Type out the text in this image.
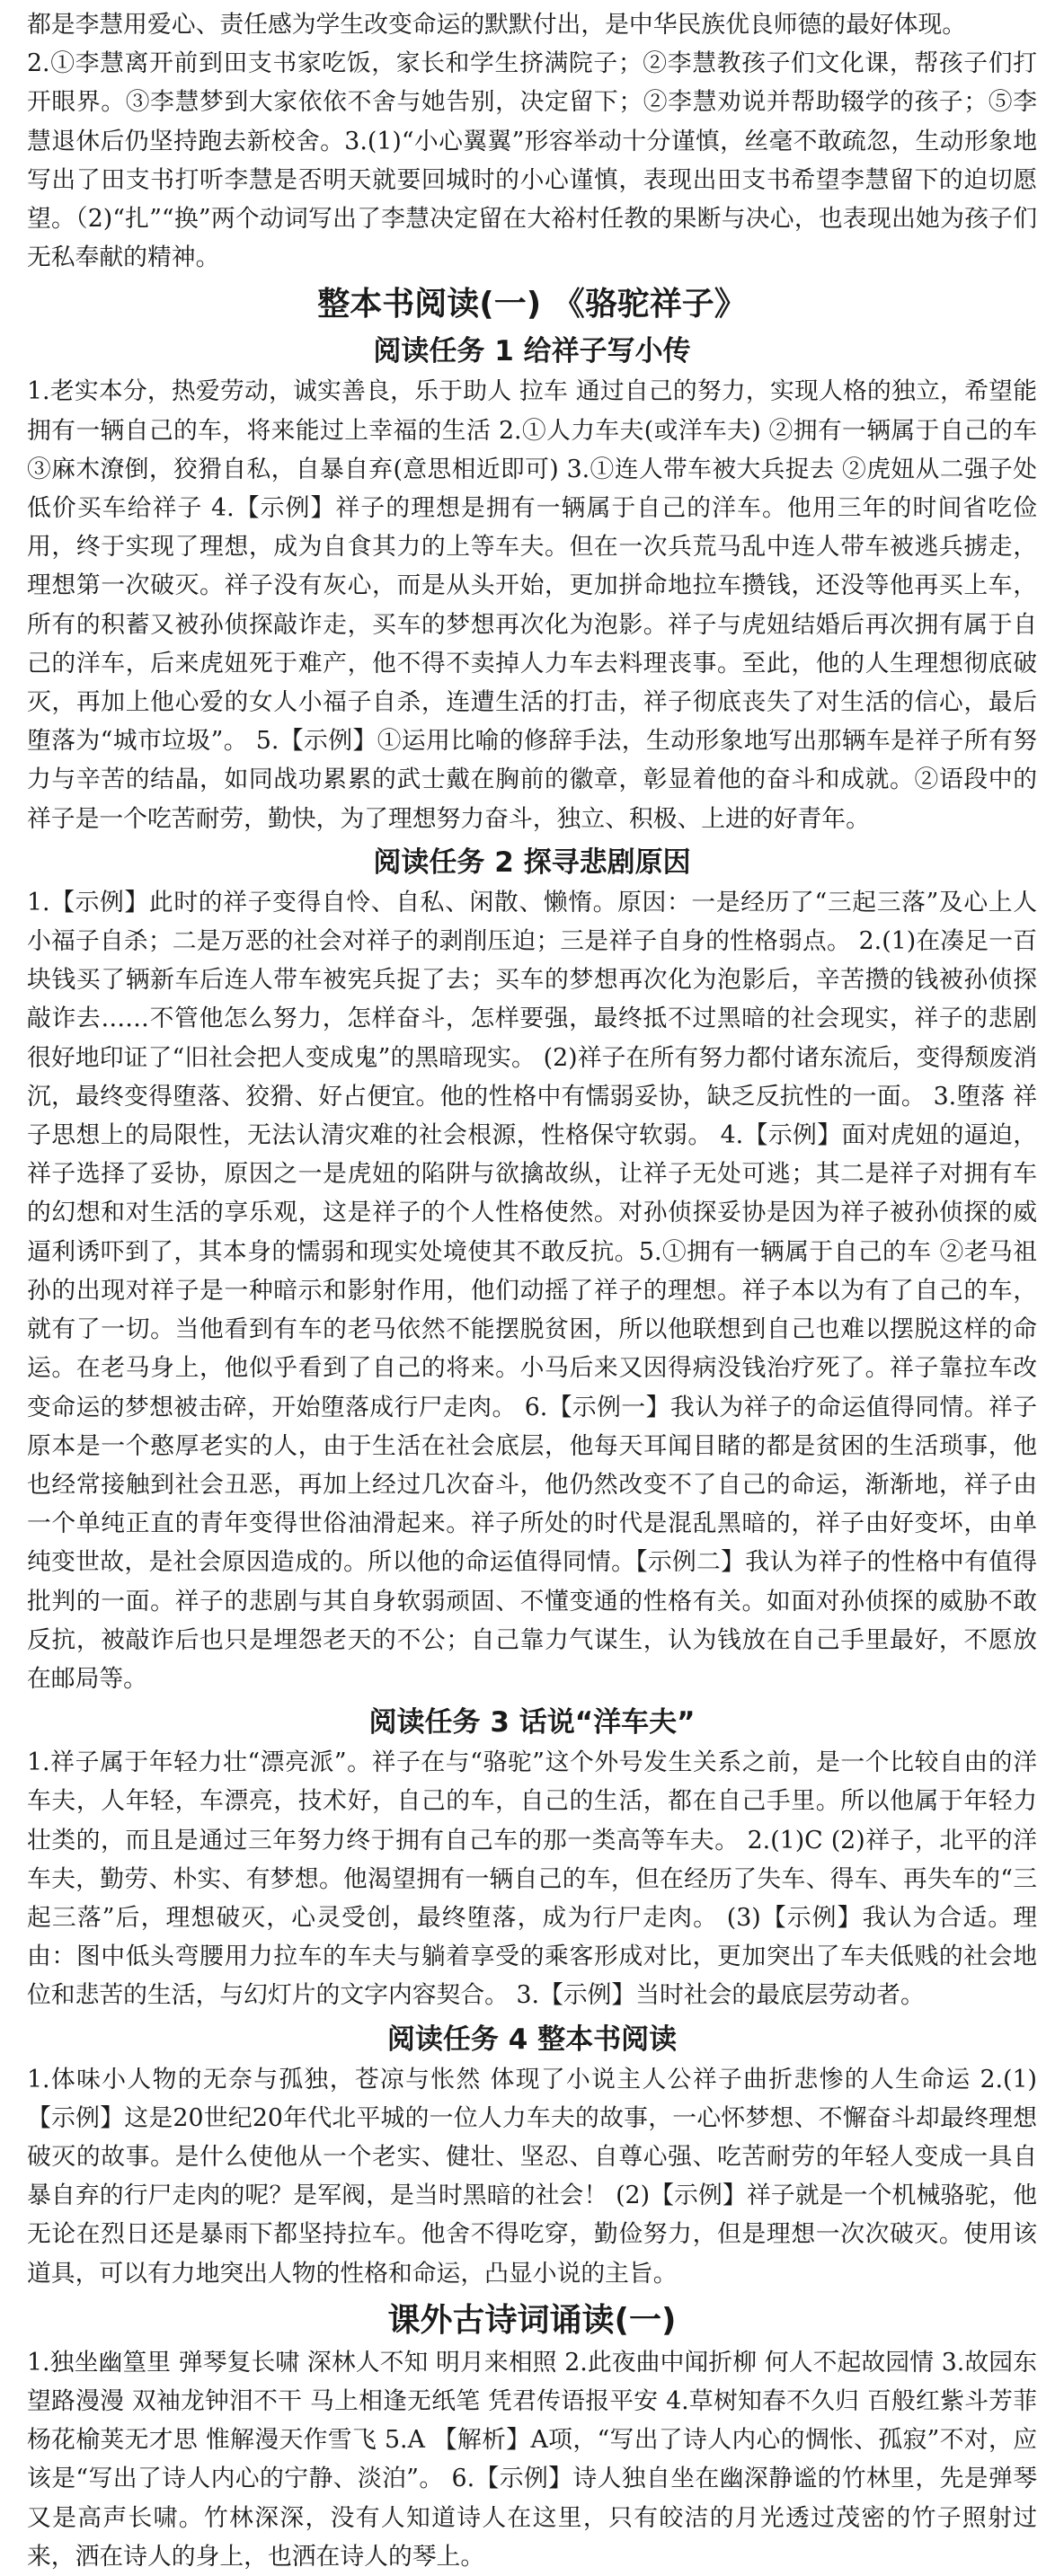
都是李慧用爱心、责任感为学生改变命运的默默付出，是中华民族优良师德的最好体现。

2.①李慧离开前到田支书家吃饭，家长和学生挤满院子；②李慧教孩子们文化课，帮孩子们打开眼界。③李慧梦到大家依依不舍与她告别，决定留下；②李慧劝说并帮助辍学的孩子；⑤李慧退休后仍坚持跑去新校舍。3.(1)“小心翼翼”形容举动十分谨慎，丝毫不敢疏忽，生动形象地写出了田支书打听李慧是否明天就要回城时的小心谨慎，表现出田支书希望李慧留下的迫切愿望。（2)“扎”“换”两个动词写出了李慧决定留在大裕村任教的果断与决心，也表现出她为孩子们无私奉献的精神。

整本书阅读(一) 《骆驼祥子》
阅读任务 1 给祥子写小传

1.老实本分，热爱劳动，诚实善良，乐于助人 拉车 通过自己的努力，实现人格的独立，希望能拥有一辆自己的车，将来能过上幸福的生活 2.①人力车夫(或洋车夫) ②拥有一辆属于自己的车 ③麻木潦倒，狡猾自私，自暴自弃(意思相近即可) 3.①连人带车被大兵捉去 ②虎妞从二强子处低价买车给祥子 4.【示例】祥子的理想是拥有一辆属于自己的洋车。他用三年的时间省吃俭用，终于实现了理想，成为自食其力的上等车夫。但在一次兵荒马乱中连人带车被逃兵掳走，理想第一次破灭。祥子没有灰心，而是从头开始，更加拼命地拉车攒钱，还没等他再买上车，所有的积蓄又被孙侦探敲诈走，买车的梦想再次化为泡影。祥子与虎妞结婚后再次拥有属于自己的洋车，后来虎妞死于难产，他不得不卖掉人力车去料理丧事。至此，他的人生理想彻底破灭，再加上他心爱的女人小福子自杀，连遭生活的打击，祥子彻底丧失了对生活的信心，最后堕落为“城市垃圾”。 5.【示例】①运用比喻的修辞手法，生动形象地写出那辆车是祥子所有努力与辛苦的结晶，如同战功累累的武士戴在胸前的徽章，彰显着他的奋斗和成就。②语段中的祥子是一个吃苦耐劳，勤快，为了理想努力奋斗，独立、积极、上进的好青年。

阅读任务 2 探寻悲剧原因

1.【示例】此时的祥子变得自怜、自私、闲散、懒惰。原因：一是经历了“三起三落”及心上人小福子自杀；二是万恶的社会对祥子的剥削压迫；三是祥子自身的性格弱点。 2.(1)在凑足一百块钱买了辆新车后连人带车被宪兵捉了去；买车的梦想再次化为泡影后，辛苦攒的钱被孙侦探敲诈去……不管他怎么努力，怎样奋斗，怎样要强，最终抵不过黑暗的社会现实，祥子的悲剧很好地印证了“旧社会把人变成鬼”的黑暗现实。 (2)祥子在所有努力都付诸东流后，变得颓废消沉，最终变得堕落、狡猾、好占便宜。他的性格中有懦弱妥协，缺乏反抗性的一面。 3.堕落 祥子思想上的局限性，无法认清灾难的社会根源，性格保守软弱。 4.【示例】面对虎妞的逼迫，祥子选择了妥协，原因之一是虎妞的陷阱与欲擒故纵，让祥子无处可逃；其二是祥子对拥有车的幻想和对生活的享乐观，这是祥子的个人性格使然。对孙侦探妥协是因为祥子被孙侦探的威逼利诱吓到了，其本身的懦弱和现实处境使其不敢反抗。5.①拥有一辆属于自己的车 ②老马祖孙的出现对祥子是一种暗示和影射作用，他们动摇了祥子的理想。祥子本以为有了自己的车，就有了一切。当他看到有车的老马依然不能摆脱贫困，所以他联想到自己也难以摆脱这样的命运。在老马身上，他似乎看到了自己的将来。小马后来又因得病没钱治疗死了。祥子靠拉车改变命运的梦想被击碎，开始堕落成行尸走肉。 6.【示例一】我认为祥子的命运值得同情。祥子原本是一个憨厚老实的人，由于生活在社会底层，他每天耳闻目睹的都是贫困的生活琐事，他也经常接触到社会丑恶，再加上经过几次奋斗，他仍然改变不了自己的命运，渐渐地，祥子由一个单纯正直的青年变得世俗油滑起来。祥子所处的时代是混乱黑暗的，祥子由好变坏，由单纯变世故，是社会原因造成的。所以他的命运值得同情。【示例二】我认为祥子的性格中有值得批判的一面。祥子的悲剧与其自身软弱顽固、不懂变通的性格有关。如面对孙侦探的威胁不敢反抗，被敲诈后也只是埋怨老天的不公；自己靠力气谋生，认为钱放在自己手里最好，不愿放在邮局等。

阅读任务 3 话说“洋车夫”

1.祥子属于年轻力壮“漂亮派”。祥子在与“骆驼”这个外号发生关系之前，是一个比较自由的洋车夫，人年轻，车漂亮，技术好，自己的车，自己的生活，都在自己手里。所以他属于年轻力壮类的，而且是通过三年努力终于拥有自己车的那一类高等车夫。 2.(1)C (2)祥子，北平的洋车夫，勤劳、朴实、有梦想。他渴望拥有一辆自己的车，但在经历了失车、得车、再失车的“三起三落”后，理想破灭，心灵受创，最终堕落，成为行尸走肉。 (3)【示例】我认为合适。理由：图中低头弯腰用力拉车的车夫与躺着享受的乘客形成对比，更加突出了车夫低贱的社会地位和悲苦的生活，与幻灯片的文字内容契合。 3.【示例】当时社会的最底层劳动者。

阅读任务 4 整本书阅读

1.体味小人物的无奈与孤独，苍凉与怅然 体现了小说主人公祥子曲折悲惨的人生命运 2.(1)【示例】这是20世纪20年代北平城的一位人力车夫的故事，一心怀梦想、不懈奋斗却最终理想破灭的故事。是什么使他从一个老实、健壮、坚忍、自尊心强、吃苦耐劳的年轻人变成一具自暴自弃的行尸走肉的呢？是军阀，是当时黑暗的社会！ (2)【示例】祥子就是一个机械骆驼，他无论在烈日还是暴雨下都坚持拉车。他舍不得吃穿，勤俭努力，但是理想一次次破灭。使用该道具，可以有力地突出人物的性格和命运，凸显小说的主旨。

课外古诗词诵读(一)

1.独坐幽篁里 弹琴复长啸 深林人不知 明月来相照 2.此夜曲中闻折柳 何人不起故园情 3.故园东望路漫漫 双袖龙钟泪不干 马上相逢无纸笔 凭君传语报平安 4.草树知春不久归 百般红紫斗芳菲 杨花榆荚无才思 惟解漫天作雪飞 5.A 【解析】A项，“写出了诗人内心的惆怅、孤寂”不对，应该是“写出了诗人内心的宁静、淡泊”。 6.【示例】诗人独自坐在幽深静谧的竹林里，先是弹琴又是高声长啸。竹林深深，没有人知道诗人在这里，只有皎洁的月光透过茂密的竹子照射过来，洒在诗人的身上，也洒在诗人的琴上。
